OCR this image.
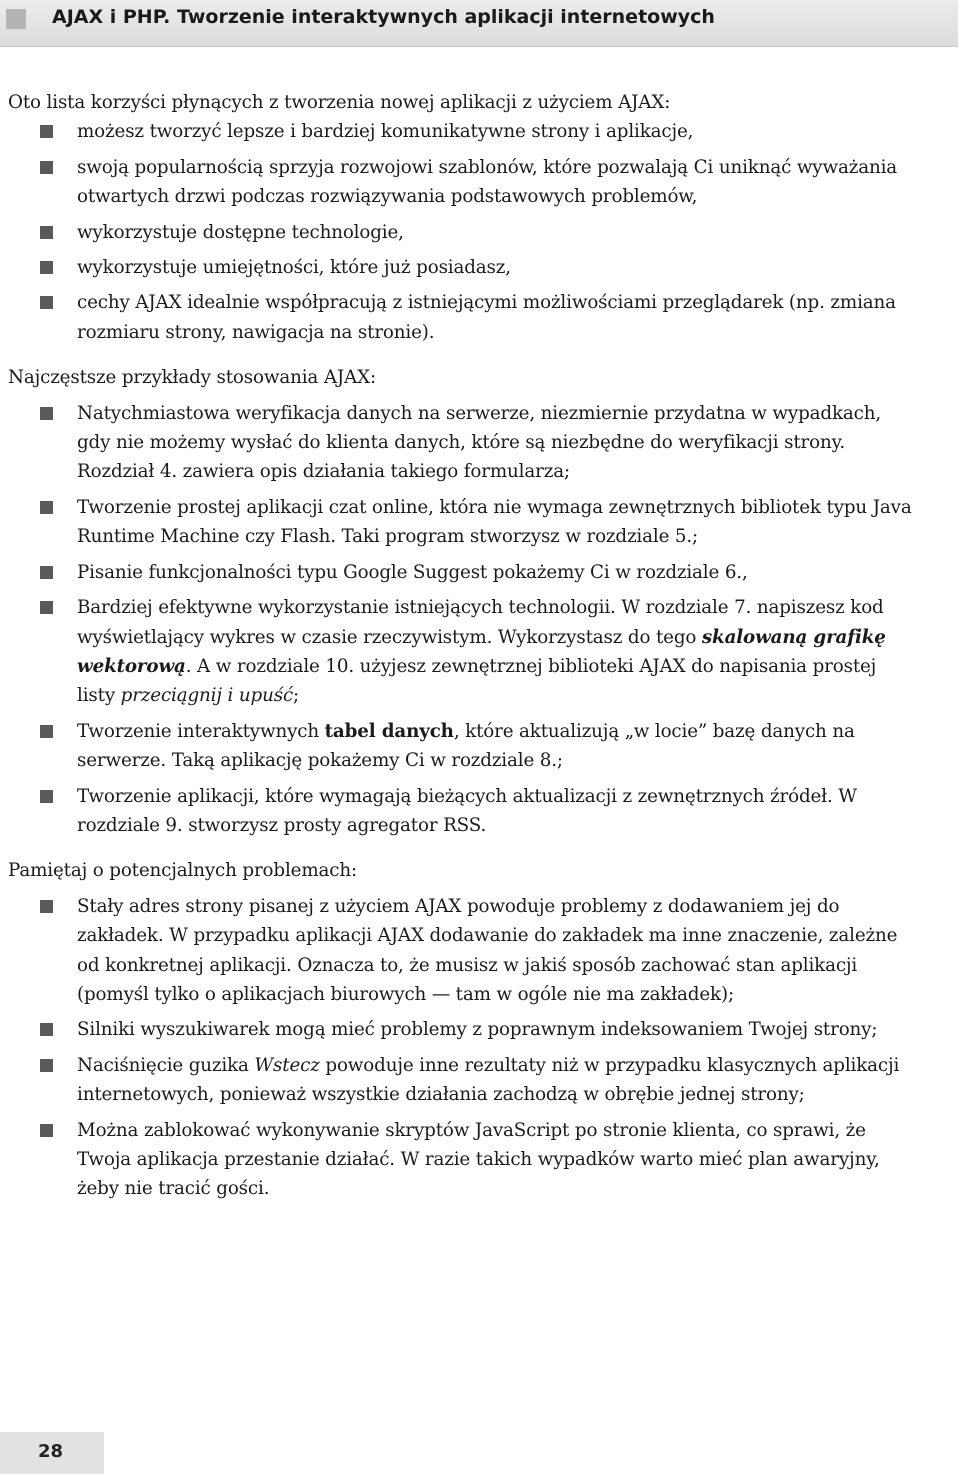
AJAX i PHP. Tworzenie interaktywnych aplikacji internetowych

Oto lista korzyści płynących z tworzenia nowej aplikacji z użyciem AJAX:

możesz tworzyć lepsze i bardziej komunikatywne strony i aplikacje,
swoją popularnością sprzyja rozwojowi szablonów, które pozwalają Ci uniknąć wyważania otwartych drzwi podczas rozwiązywania podstawowych problemów,
wykorzystuje dostępne technologie,
wykorzystuje umiejętności, które już posiadasz,
cechy AJAX idealnie współpracują z istniejącymi możliwościami przeglądarek (np. zmiana rozmiaru strony, nawigacja na stronie).

Najczęstsze przykłady stosowania AJAX:

Natychmiastowa weryfikacja danych na serwerze, niezmiernie przydatna w wypadkach, gdy nie możemy wysłać do klienta danych, które są niezbędne do weryfikacji strony. Rozdział 4. zawiera opis działania takiego formularza;
Tworzenie prostej aplikacji czat online, która nie wymaga zewnętrznych bibliotek typu Java Runtime Machine czy Flash. Taki program stworzysz w rozdziale 5.;
Pisanie funkcjonalności typu Google Suggest pokażemy Ci w rozdziale 6.,
Bardziej efektywne wykorzystanie istniejących technologii. W rozdziale 7. napiszesz kod wyświetlający wykres w czasie rzeczywistym. Wykorzystasz do tego skalowaną grafikę wektorową. A w rozdziale 10. użyjesz zewnętrznej biblioteki AJAX do napisania prostej listy przeciągnij i upuść;
Tworzenie interaktywnych tabel danych, które aktualizują „w locie” bazę danych na serwerze. Taką aplikację pokażemy Ci w rozdziale 8.;
Tworzenie aplikacji, które wymagają bieżących aktualizacji z zewnętrznych źródeł. W rozdziale 9. stworzysz prosty agregator RSS.

Pamiętaj o potencjalnych problemach:

Stały adres strony pisanej z użyciem AJAX powoduje problemy z dodawaniem jej do zakładek. W przypadku aplikacji AJAX dodawanie do zakładek ma inne znaczenie, zależne od konkretnej aplikacji. Oznacza to, że musisz w jakiś sposób zachować stan aplikacji (pomyśl tylko o aplikacjach biurowych — tam w ogóle nie ma zakładek);
Silniki wyszukiwarek mogą mieć problemy z poprawnym indeksowaniem Twojej strony;
Naciśnięcie guzika Wstecz powoduje inne rezultaty niż w przypadku klasycznych aplikacji internetowych, ponieważ wszystkie działania zachodzą w obrębie jednej strony;
Można zablokować wykonywanie skryptów JavaScript po stronie klienta, co sprawi, że Twoja aplikacja przestanie działać. W razie takich wypadków warto mieć plan awaryjny, żeby nie tracić gości.
28
